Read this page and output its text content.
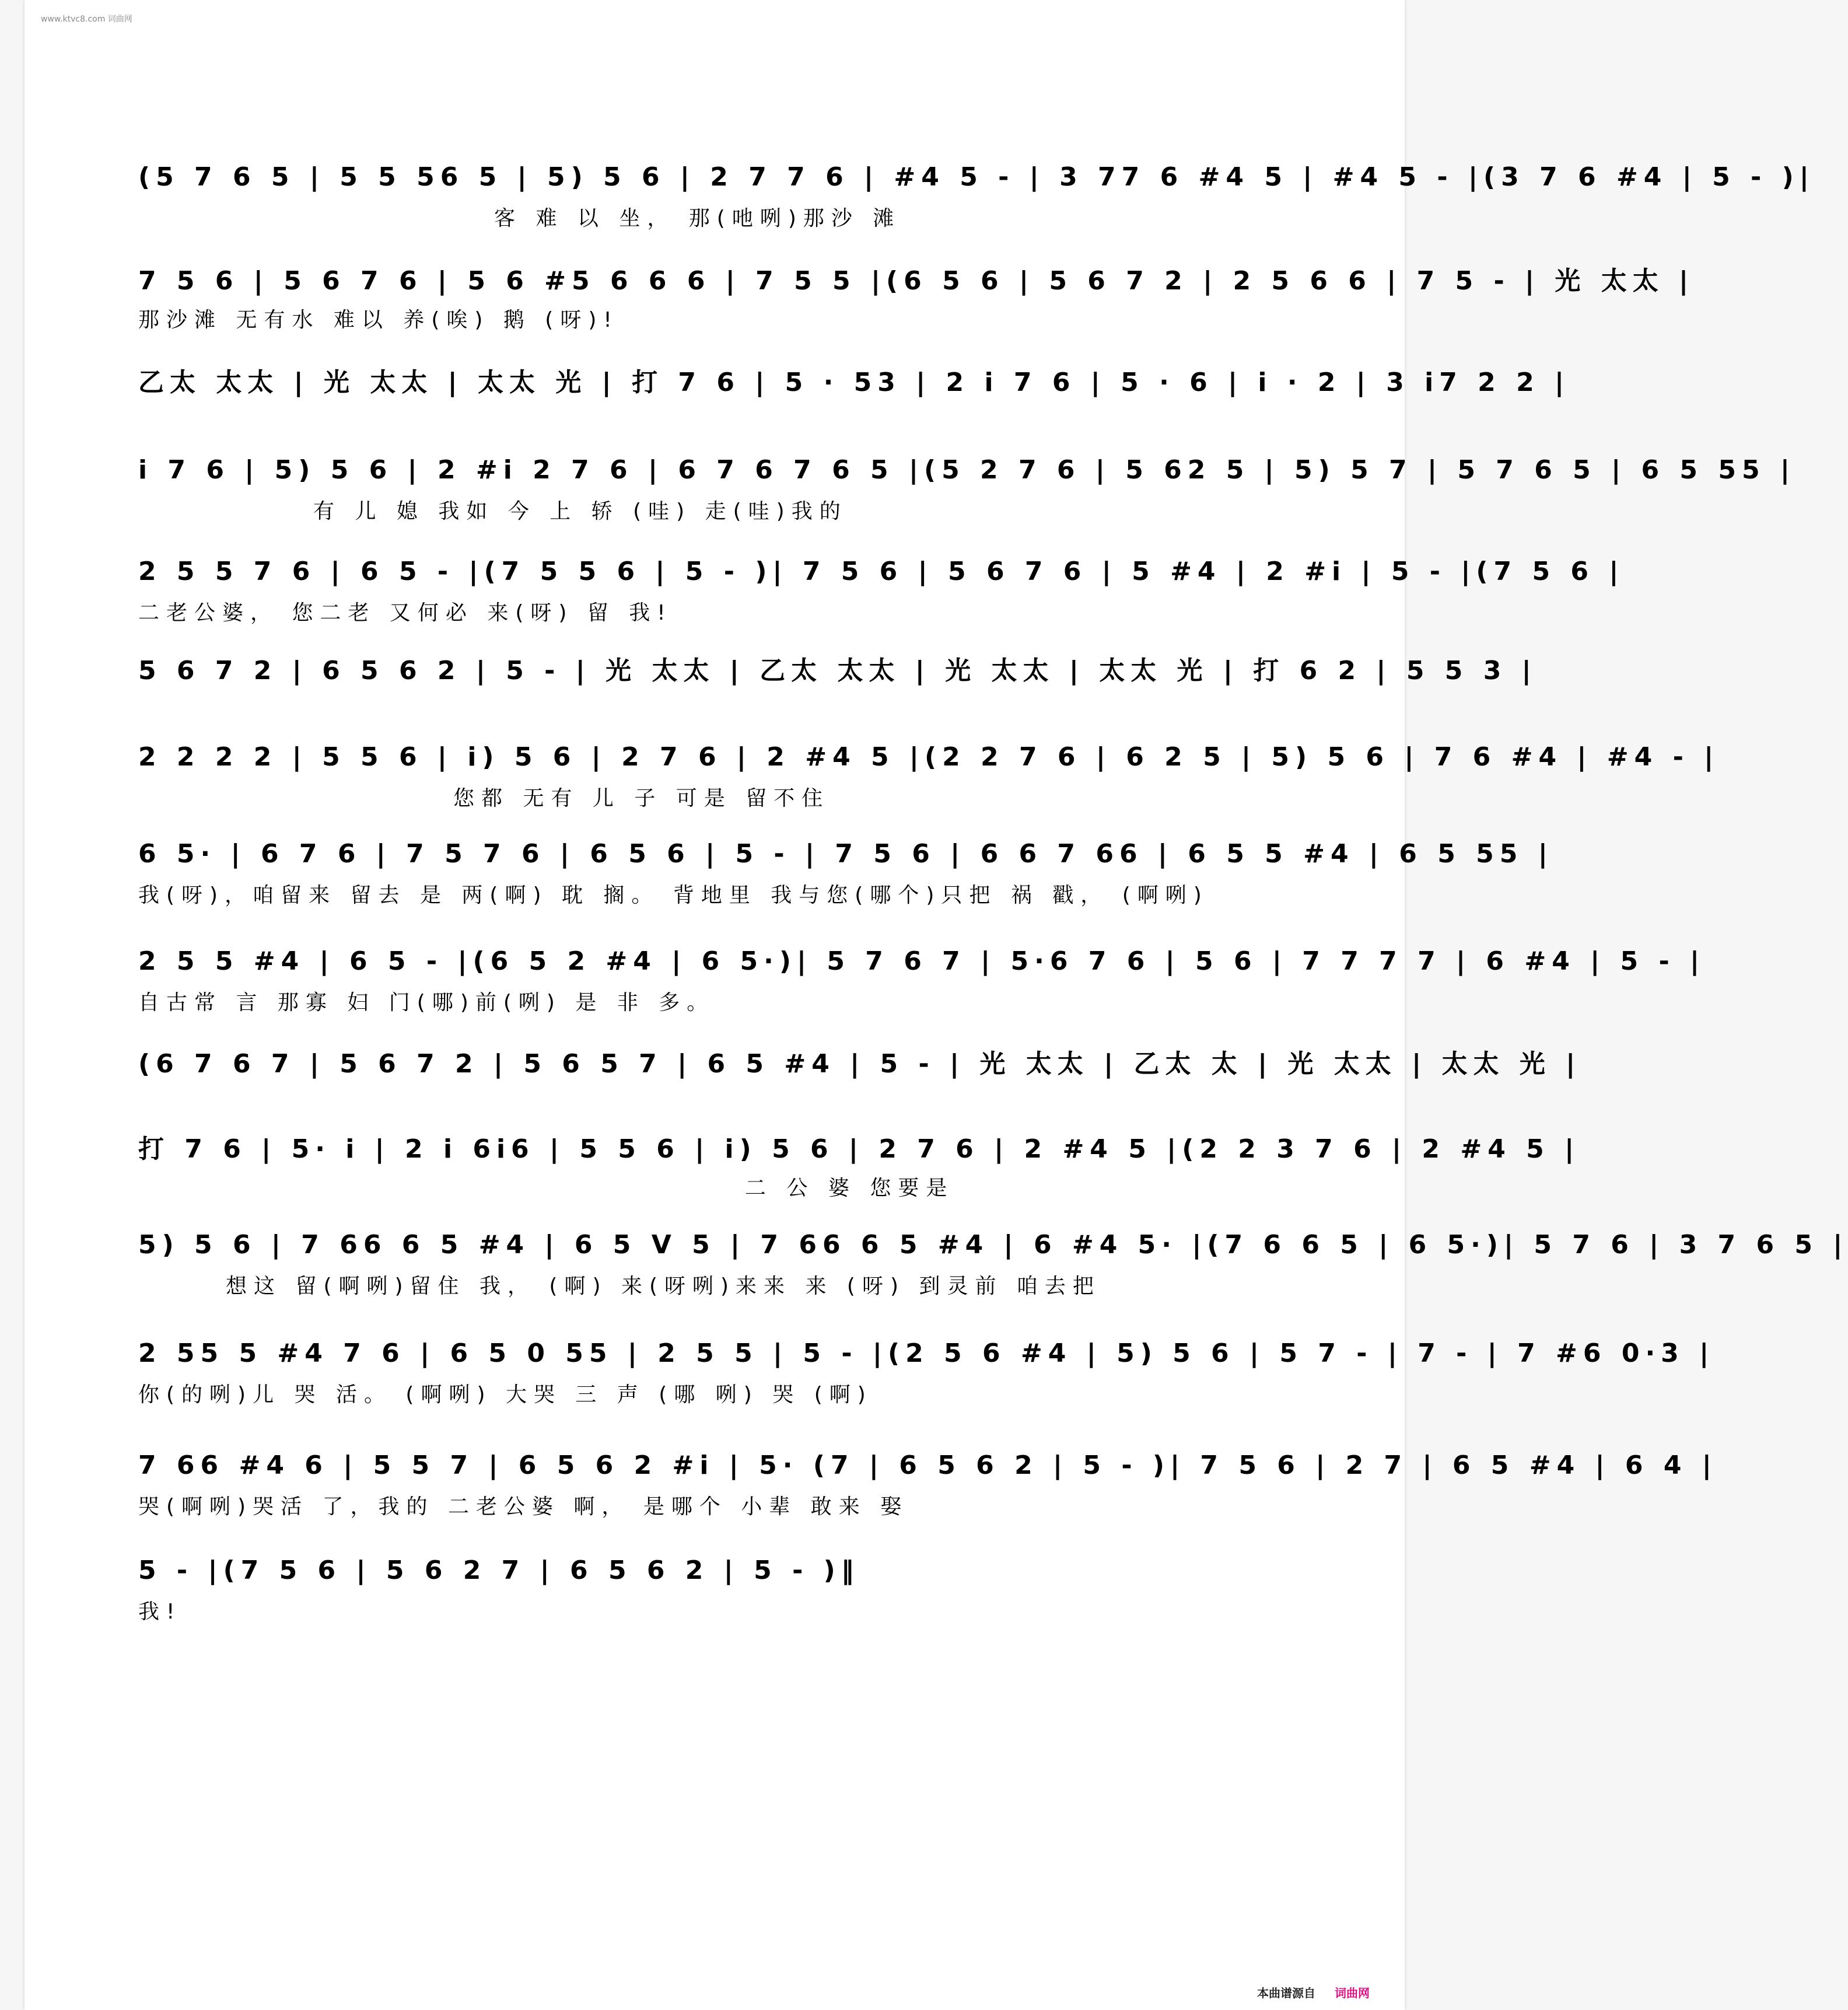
www.ktvc8.com 词曲网
(5 7 6 5 | 5 5 56 5 | 5) 5 6 | 2 7 7 6 | #4 5 - | 3 77 6 #4 5 | #4 5 - |(3 7 6 #4 | 5 - )|
客 难 以 坐， 那(吔咧)那沙 滩
7 5 6 | 5 6 7 6 | 5 6 #5 6 6 6 | 7 5 5 |(6 5 6 | 5 6 7 2 | 2 5 6 6 | 7 5 - | 光 太太 |
那沙滩 无有水 难以 养(唉) 鹅 (呀)!
乙太 太太 | 光 太太 | 太太 光 | 打 7 6 | 5 · 53 | 2 i 7 6 | 5 · 6 | i · 2 | 3 i7 2 2 |
i 7 6 | 5) 5 6 | 2 #i 2 7 6 | 6 7 6 7 6 5 |(5 2 7 6 | 5 62 5 | 5) 5 7 | 5 7 6 5 | 6 5 55 |
有 儿 媳 我如 今 上 轿 (哇) 走(哇)我的
2 5 5 7 6 | 6 5 - |(7 5 5 6 | 5 - )| 7 5 6 | 5 6 7 6 | 5 #4 | 2 #i | 5 - |(7 5 6 |
二老公婆， 您二老 又何必 来(呀) 留 我!
5 6 7 2 | 6 5 6 2 | 5 - | 光 太太 | 乙太 太太 | 光 太太 | 太太 光 | 打 6 2 | 5 5 3 |
2 2 2 2 | 5 5 6 | i) 5 6 | 2 7 6 | 2 #4 5 |(2 2 7 6 | 6 2 5 | 5) 5 6 | 7 6 #4 | #4 - |
您都 无有 儿 子 可是 留不住
6 5· | 6 7 6 | 7 5 7 6 | 6 5 6 | 5 - | 7 5 6 | 6 6 7 66 | 6 5 5 #4 | 6 5 55 |
我(呀)，咱留来 留去 是 两(啊) 耽 搁。 背地里 我与您(哪个)只把 祸 戳， (啊咧)
2 5 5 #4 | 6 5 - |(6 5 2 #4 | 6 5·)| 5 7 6 7 | 5·6 7 6 | 5 6 | 7 7 7 7 | 6 #4 | 5 - |
自古常 言 那寡 妇 门(哪)前(咧) 是 非 多。
(6 7 6 7 | 5 6 7 2 | 5 6 5 7 | 6 5 #4 | 5 - | 光 太太 | 乙太 太 | 光 太太 | 太太 光 |
打 7 6 | 5· i | 2 i 6i6 | 5 5 6 | i) 5 6 | 2 7 6 | 2 #4 5 |(2 2 3 7 6 | 2 #4 5 |
二 公 婆 您要是
5) 5 6 | 7 66 6 5 #4 | 6 5 V 5 | 7 66 6 5 #4 | 6 #4 5· |(7 6 6 5 | 6 5·)| 5 7 6 | 3 7 6 5 |
想这 留(啊咧)留住 我， (啊) 来(呀咧)来来 来 (呀) 到灵前 咱去把
2 55 5 #4 7 6 | 6 5 0 55 | 2 5 5 | 5 - |(2 5 6 #4 | 5) 5 6 | 5 7 - | 7 - | 7 #6 0·3 |
你(的咧)儿 哭 活。 (啊咧) 大哭 三 声 (哪 咧) 哭 (啊)
7 66 #4 6 | 5 5 7 | 6 5 6 2 #i | 5· (7 | 6 5 6 2 | 5 - )| 7 5 6 | 2 7 | 6 5 #4 | 6 4 |
哭(啊咧)哭活 了，我的 二老公婆 啊， 是哪个 小辈 敢来 娶
5 - |(7 5 6 | 5 6 2 7 | 6 5 6 2 | 5 - )‖
我!
本曲谱源自 词曲网
